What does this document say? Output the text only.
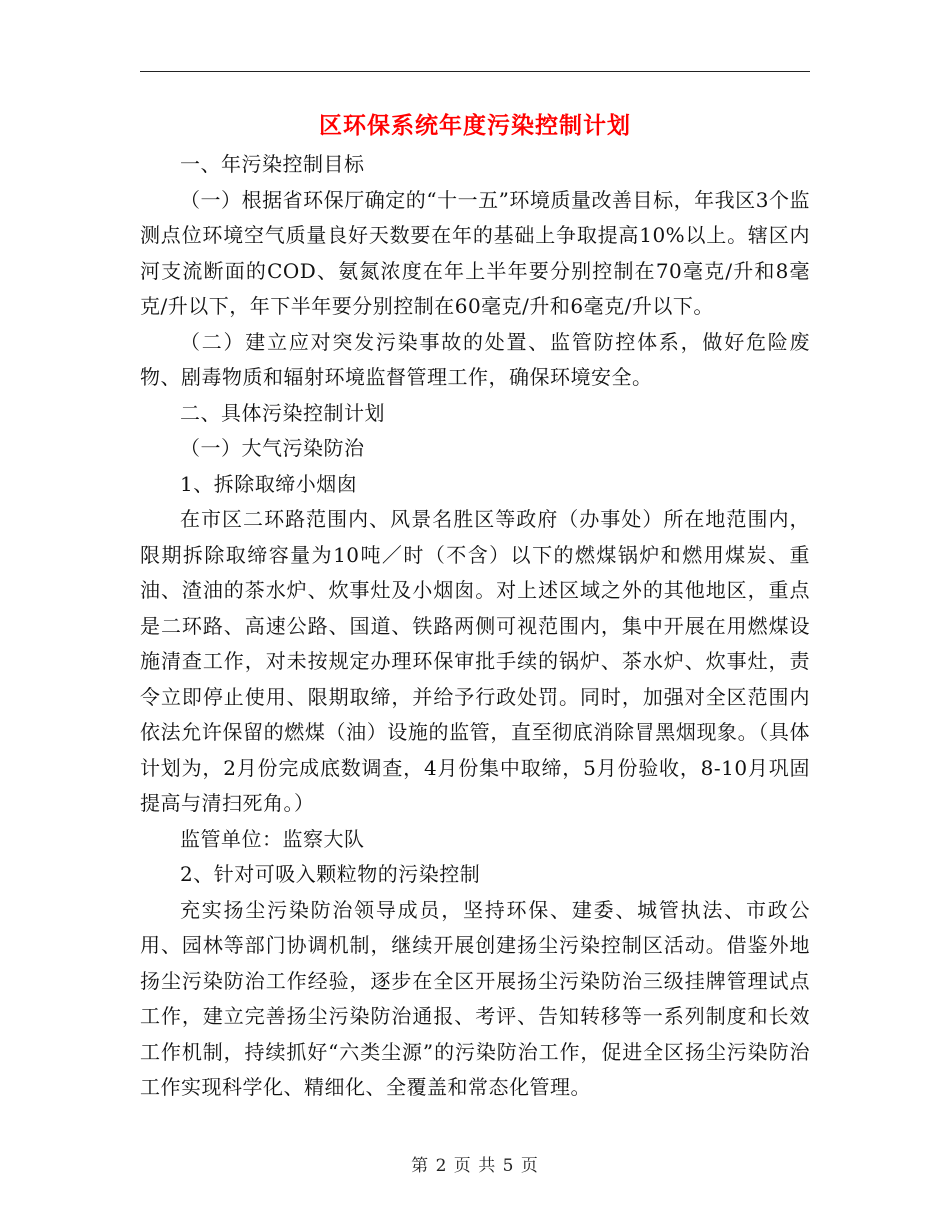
区环保系统年度污染控制计划

一、年污染控制目标

（一）根据省环保厅确定的“十一五”环境质量改善目标，年我区3个监测点位环境空气质量良好天数要在年的基础上争取提高10%以上。辖区内河支流断面的COD、氨氮浓度在年上半年要分别控制在70毫克/升和8毫克/升以下，年下半年要分别控制在60毫克/升和6毫克/升以下。

（二）建立应对突发污染事故的处置、监管防控体系，做好危险废物、剧毒物质和辐射环境监督管理工作，确保环境安全。

二、具体污染控制计划

（一）大气污染防治

1、拆除取缔小烟囱

在市区二环路范围内、风景名胜区等政府（办事处）所在地范围内，限期拆除取缔容量为10吨／时（不含）以下的燃煤锅炉和燃用煤炭、重油、渣油的茶水炉、炊事灶及小烟囱。对上述区域之外的其他地区，重点是二环路、高速公路、国道、铁路两侧可视范围内，集中开展在用燃煤设施清查工作，对未按规定办理环保审批手续的锅炉、茶水炉、炊事灶，责令立即停止使用、限期取缔，并给予行政处罚。同时，加强对全区范围内依法允许保留的燃煤（油）设施的监管，直至彻底消除冒黑烟现象。（具体计划为，2月份完成底数调查，4月份集中取缔，5月份验收，8-10月巩固提高与清扫死角。）

监管单位：监察大队

2、针对可吸入颗粒物的污染控制

充实扬尘污染防治领导成员，坚持环保、建委、城管执法、市政公用、园林等部门协调机制，继续开展创建扬尘污染控制区活动。借鉴外地扬尘污染防治工作经验，逐步在全区开展扬尘污染防治三级挂牌管理试点工作，建立完善扬尘污染防治通报、考评、告知转移等一系列制度和长效工作机制，持续抓好“六类尘源”的污染防治工作，促进全区扬尘污染防治工作实现科学化、精细化、全覆盖和常态化管理。

第 2 页 共 5 页
